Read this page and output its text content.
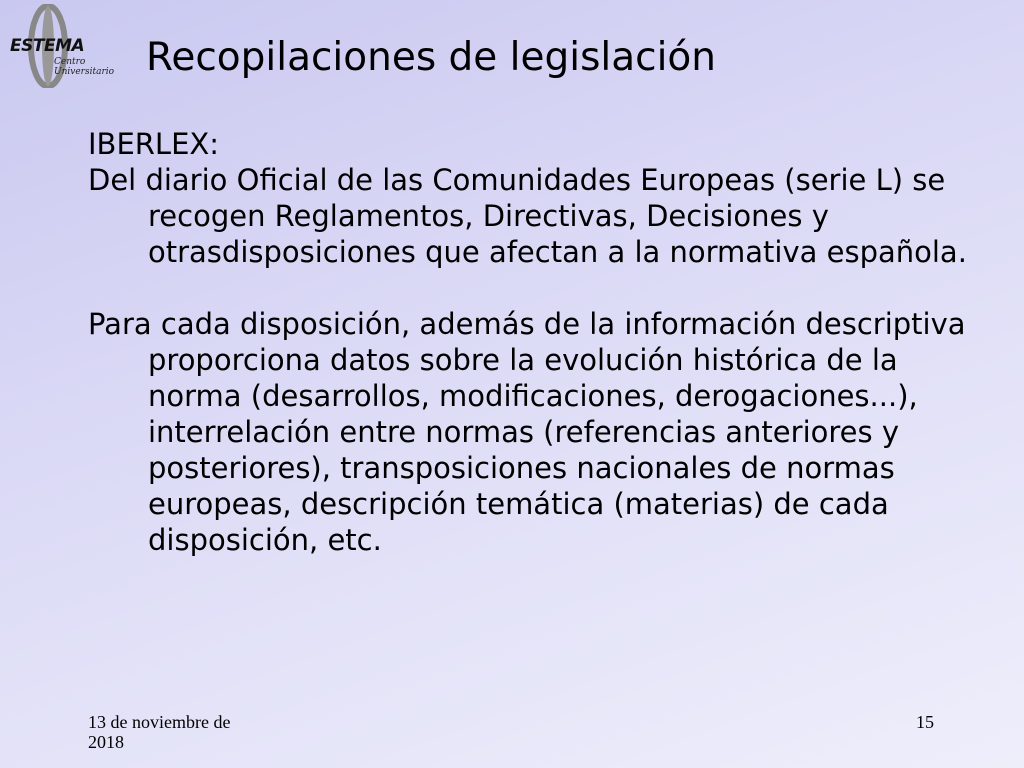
ESTEMA
Centro Universitario Recopilaciones de legislación

IBERLEX:

Del diario Oficial de las Comunidades Europeas (serie L) se recogen Reglamentos, Directivas, Decisiones y otrasdisposiciones que afectan a la normativa española.

Para cada disposición, además de la información descriptiva proporciona datos sobre la evolución histórica de la norma (desarrollos, modificaciones, derogaciones...), interrelación entre normas (referencias anteriores y posteriores), transposiciones nacionales de normas europeas, descripción temática (materias) de cada disposición, etc.

13 de noviembre de 2018
15
